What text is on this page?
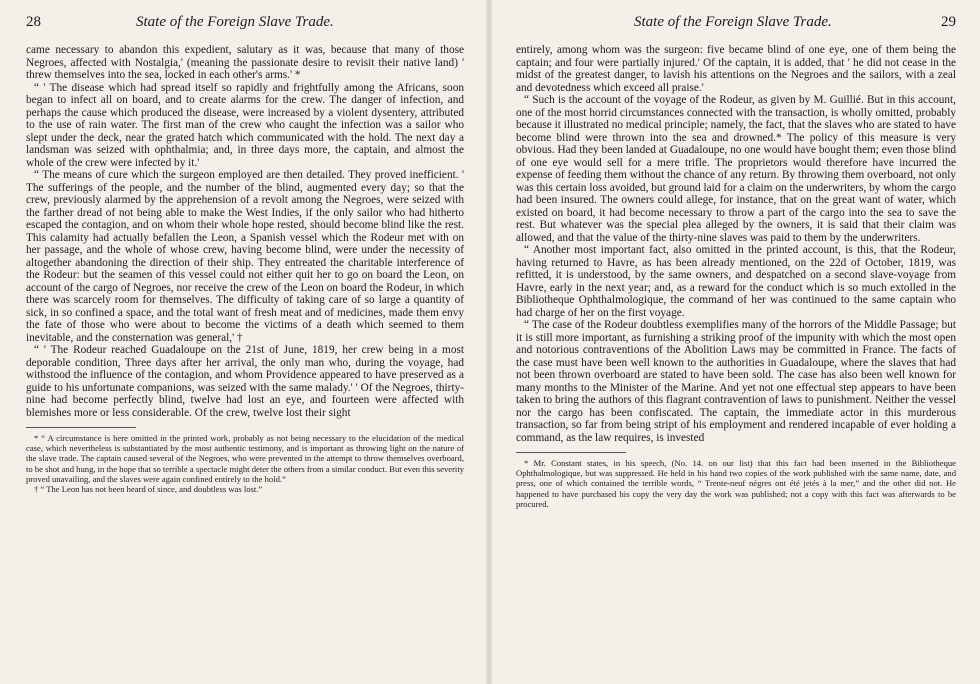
28	State of the Foreign Slave Trade.

came necessary to abandon this expedient, salutary as it was, because that many of those Negroes, affected with Nostalgia,' (meaning the passionate desire to revisit their native land) ' threw themselves into the sea, locked in each other's arms.' *

“ ' The disease which had spread itself so rapidly and frightfully among the Africans, soon began to infect all on board, and to create alarms for the crew. The danger of infection, and perhaps the cause which produced the disease, were increased by a violent dysentery, attributed to the use of rain water. The first man of the crew who caught the infection was a sailor who slept under the deck, near the grated hatch which communicated with the hold. The next day a landsman was seized with ophthalmia; and, in three days more, the captain, and almost the whole of the crew were infected by it.'

“ The means of cure which the surgeon employed are then detailed. They proved inefficient. ' The sufferings of the people, and the number of the blind, augmented every day; so that the crew, previously alarmed by the apprehension of a revolt among the Negroes, were seized with the farther dread of not being able to make the West Indies, if the only sailor who had hitherto escaped the contagion, and on whom their whole hope rested, should become blind like the rest. This calamity had actually befallen the Leon, a Spanish vessel which the Rodeur met with on her passage, and the whole of whose crew, having become blind, were under the necessity of altogether abandoning the direction of their ship. They entreated the charitable interference of the Rodeur: but the seamen of this vessel could not either quit her to go on board the Leon, on account of the cargo of Negroes, nor receive the crew of the Leon on board the Rodeur, in which there was scarcely room for themselves. The difficulty of taking care of so large a quantity of sick, in so confined a space, and the total want of fresh meat and of medicines, made them envy the fate of those who were about to become the victims of a death which seemed to them inevitable, and the consternation was general,' †

“ ' The Rodeur reached Guadaloupe on the 21st of June, 1819, her crew being in a most deporable condition, Three days after her arrival, the only man who, during the voyage, had withstood the influence of the contagion, and whom Providence appeared to have preserved as a guide to his unfortunate companions, was seized with the same malady.' ' Of the Negroes, thirty-nine had become perfectly blind, twelve had lost an eye, and fourteen were affected with blemishes more or less considerable. Of the crew, twelve lost their sight

* “ A circumstance is here omitted in the printed work, probably as not being necessary to the elucidation of the medical case, which nevertheless is substantiated by the most authentic testimony, and is important as throwing light on the nature of the slave trade. The captain caused several of the Negroes, who were prevented in the attempt to throw themselves overboard, to be shot and hung, in the hope that so terrible a spectacle might deter the others from a similar conduct. But even this severity proved unavailing, and the slaves were again confined entirely to the hold.”

† “ The Leon has not been heard of since, and doubtless was lost.”

State of the Foreign Slave Trade.	29

entirely, among whom was the surgeon: five became blind of one eye, one of them being the captain; and four were partially injured.' Of the captain, it is added, that ' he did not cease in the midst of the greatest danger, to lavish his attentions on the Negroes and the sailors, with a zeal and devotedness which exceed all praise.'

“ Such is the account of the voyage of the Rodeur, as given by M. Guillié. But in this account, one of the most horrid circumstances connected with the transaction, is wholly omitted, probably because it illustrated no medical principle; namely, the fact, that the slaves who are stated to have become blind were thrown into the sea and drowned.* The policy of this measure is very obvious. Had they been landed at Guadaloupe, no one would have bought them; even those blind of one eye would sell for a mere trifle. The proprietors would therefore have incurred the expense of feeding them without the chance of any return. By throwing them overboard, not only was this certain loss avoided, but ground laid for a claim on the underwriters, by whom the cargo had been insured. The owners could allege, for instance, that on the great want of water, which existed on board, it had become necessary to throw a part of the cargo into the sea to save the rest. But whatever was the special plea alleged by the owners, it is said that their claim was allowed, and that the value of the thirty-nine slaves was paid to them by the underwriters.

“ Another most important fact, also omitted in the printed account, is this, that the Rodeur, having returned to Havre, as has been already mentioned, on the 22d of October, 1819, was refitted, it is understood, by the same owners, and despatched on a second slave-voyage from Havre, early in the next year; and, as a reward for the conduct which is so much extolled in the Bibliotheque Ophthalmologique, the command of her was continued to the same captain who had charge of her on the first voyage.

“ The case of the Rodeur doubtless exemplifies many of the horrors of the Middle Passage; but it is still more important, as furnishing a striking proof of the impunity with which the most open and notorious contraventions of the Abolition Laws may be committed in France. The facts of the case must have been well known to the authorities in Guadaloupe, where the slaves that had not been thrown overboard are stated to have been sold. The case has also been well known for many months to the Minister of the Marine. And yet not one effectual step appears to have been taken to bring the authors of this flagrant contravention of laws to punishment. Neither the vessel nor the cargo has been confiscated. The captain, the immediate actor in this murderous transaction, so far from being stript of his employment and rendered incapable of ever holding a command, as the law requires, is invested

* Mr. Constant states, in his speech, (No. 14. on our list) that this fact had been inserted in the Bibliotheque Ophthalmologique, but was suppressed. He held in his hand two copies of the work published with the same name, date, and press, one of which contained the terrible words, “ Trente-neuf négres ont été jetés à la mer,” and the other did not. He happened to have purchased his copy the very day the work was published; not a copy with this fact was afterwards to be procured.
